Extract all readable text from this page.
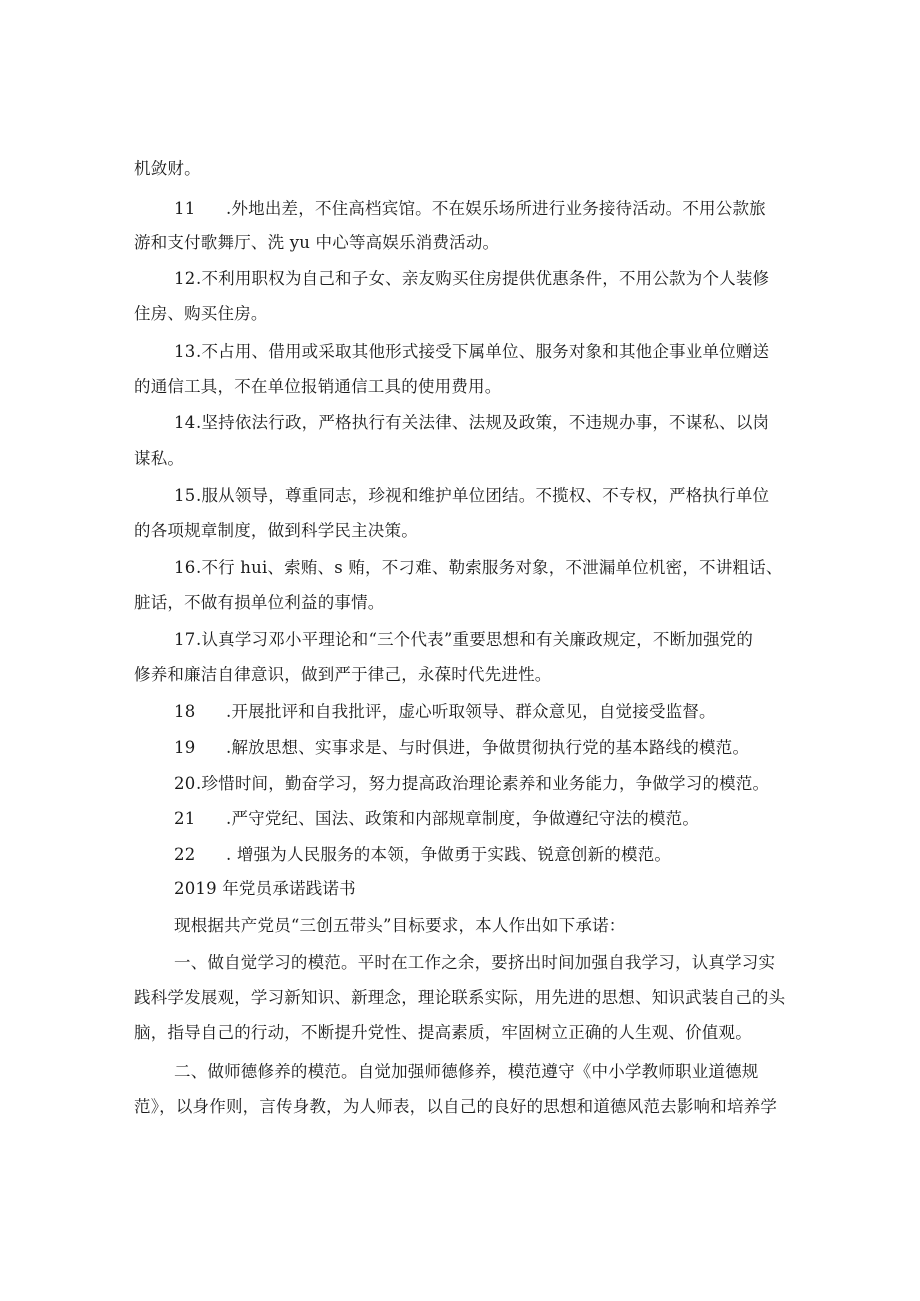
机敛财。
11 .外地出差，不住高档宾馆。不在娱乐场所进行业务接待活动。不用公款旅
游和支付歌舞厅、洗 yu 中心等高娱乐消费活动。
12.不利用职权为自己和子女、亲友购买住房提供优惠条件，不用公款为个人装修
住房、购买住房。
13.不占用、借用或采取其他形式接受下属单位、服务对象和其他企事业单位赠送
的通信工具，不在单位报销通信工具的使用费用。
14.坚持依法行政，严格执行有关法律、法规及政策，不违规办事，不谋私、以岗
谋私。
15.服从领导，尊重同志，珍视和维护单位团结。不揽权、不专权，严格执行单位
的各项规章制度，做到科学民主决策。
16.不行 hui、索贿、s 贿，不刁难、勒索服务对象，不泄漏单位机密，不讲粗话、
脏话，不做有损单位利益的事情。
17.认真学习邓小平理论和“三个代表”重要思想和有关廉政规定，不断加强党的
修养和廉洁自律意识，做到严于律己，永葆时代先进性。
18 .开展批评和自我批评，虚心听取领导、群众意见，自觉接受监督。
19 .解放思想、实事求是、与时俱进，争做贯彻执行党的基本路线的模范。
20.珍惜时间，勤奋学习，努力提高政治理论素养和业务能力，争做学习的模范。
21 .严守党纪、国法、政策和内部规章制度，争做遵纪守法的模范。
22 . 增强为人民服务的本领，争做勇于实践、锐意创新的模范。
2019 年党员承诺践诺书
现根据共产党员“三创五带头”目标要求，本人作出如下承诺：
一、做自觉学习的模范。平时在工作之余，要挤出时间加强自我学习，认真学习实
践科学发展观，学习新知识、新理念，理论联系实际，用先进的思想、知识武装自己的头
脑，指导自己的行动，不断提升党性、提高素质，牢固树立正确的人生观、价值观。
二、做师德修养的模范。自觉加强师德修养，模范遵守《中小学教师职业道德规
范》，以身作则，言传身教，为人师表，以自己的良好的思想和道德风范去影响和培养学
